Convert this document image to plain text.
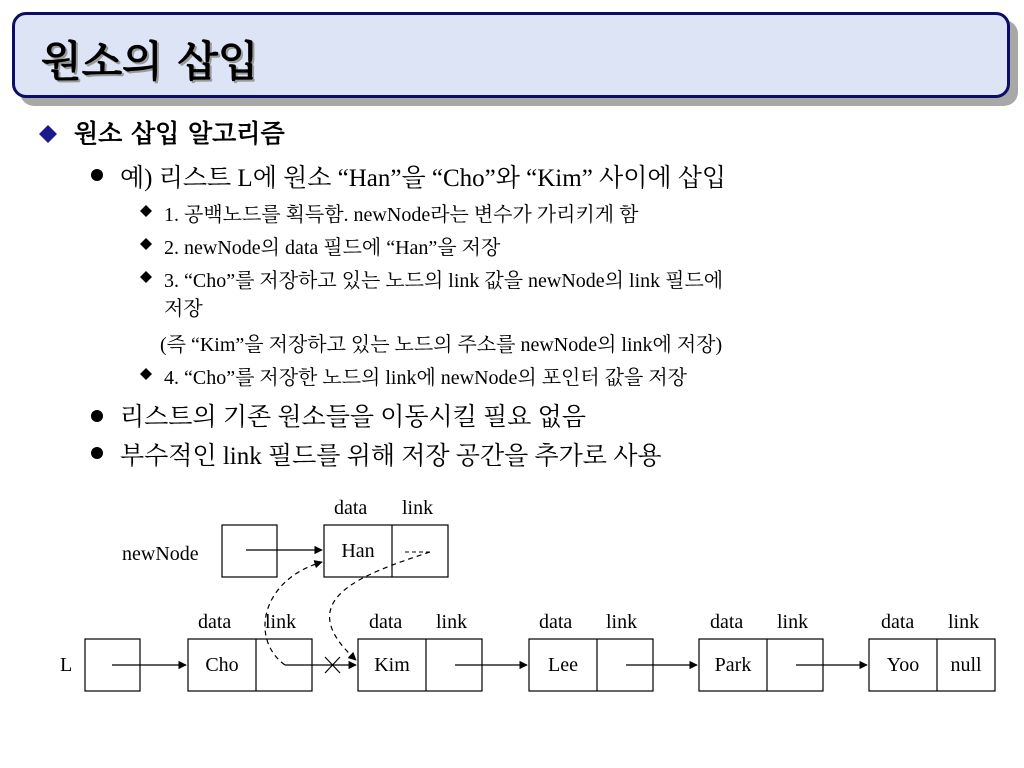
원소의 삽입
원소 삽입 알고리즘
예) 리스트 L에 원소 “Han”을 “Cho”와 “Kim” 사이에 삽입
1. 공백노드를 획득함. newNode라는 변수가 가리키게 함
2. newNode의 data 필드에 “Han”을 저장
3. “Cho”를 저장하고 있는 노드의 link 값을 newNode의 link 필드에
저장
(즉 “Kim”을 저장하고 있는 노드의 주소를 newNode의 link에 저장)
4. “Cho”를 저장한 노드의 link에 newNode의 포인터 값을 저장
리스트의 기존 원소들을 이동시킬 필요 없음
부수적인 link 필드를 위해 저장 공간을 추가로 사용
newNode
data link
Han
L
data link
Cho
data link
Kim
data link
Lee
data link
Park
data link
Yoo null
